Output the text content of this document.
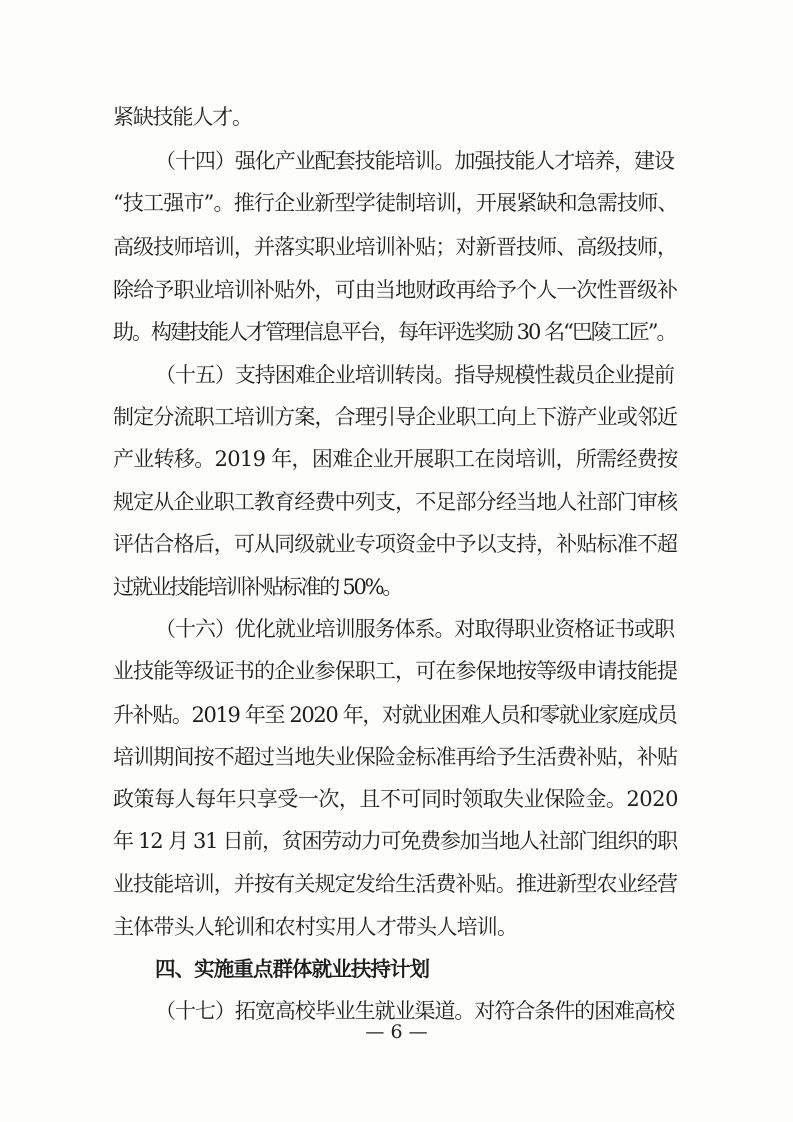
紧缺技能人才。
（十四）强化产业配套技能培训。加强技能人才培养，建设
“技工强市”。推行企业新型学徒制培训，开展紧缺和急需技师、
高级技师培训，并落实职业培训补贴；对新晋技师、高级技师，
除给予职业培训补贴外，可由当地财政再给予个人一次性晋级补
助。构建技能人才管理信息平台，每年评选奖励 30 名“巴陵工匠”。
（十五）支持困难企业培训转岗。指导规模性裁员企业提前
制定分流职工培训方案，合理引导企业职工向上下游产业或邻近
产业转移。2019 年，困难企业开展职工在岗培训，所需经费按
规定从企业职工教育经费中列支，不足部分经当地人社部门审核
评估合格后，可从同级就业专项资金中予以支持，补贴标准不超
过就业技能培训补贴标准的 50%。
（十六）优化就业培训服务体系。对取得职业资格证书或职
业技能等级证书的企业参保职工，可在参保地按等级申请技能提
升补贴。2019 年至 2020 年，对就业困难人员和零就业家庭成员
培训期间按不超过当地失业保险金标准再给予生活费补贴，补贴
政策每人每年只享受一次，且不可同时领取失业保险金。2020
年 12 月 31 日前，贫困劳动力可免费参加当地人社部门组织的职
业技能培训，并按有关规定发给生活费补贴。推进新型农业经营
主体带头人轮训和农村实用人才带头人培训。
四、实施重点群体就业扶持计划
（十七）拓宽高校毕业生就业渠道。对符合条件的困难高校
— 6 —
